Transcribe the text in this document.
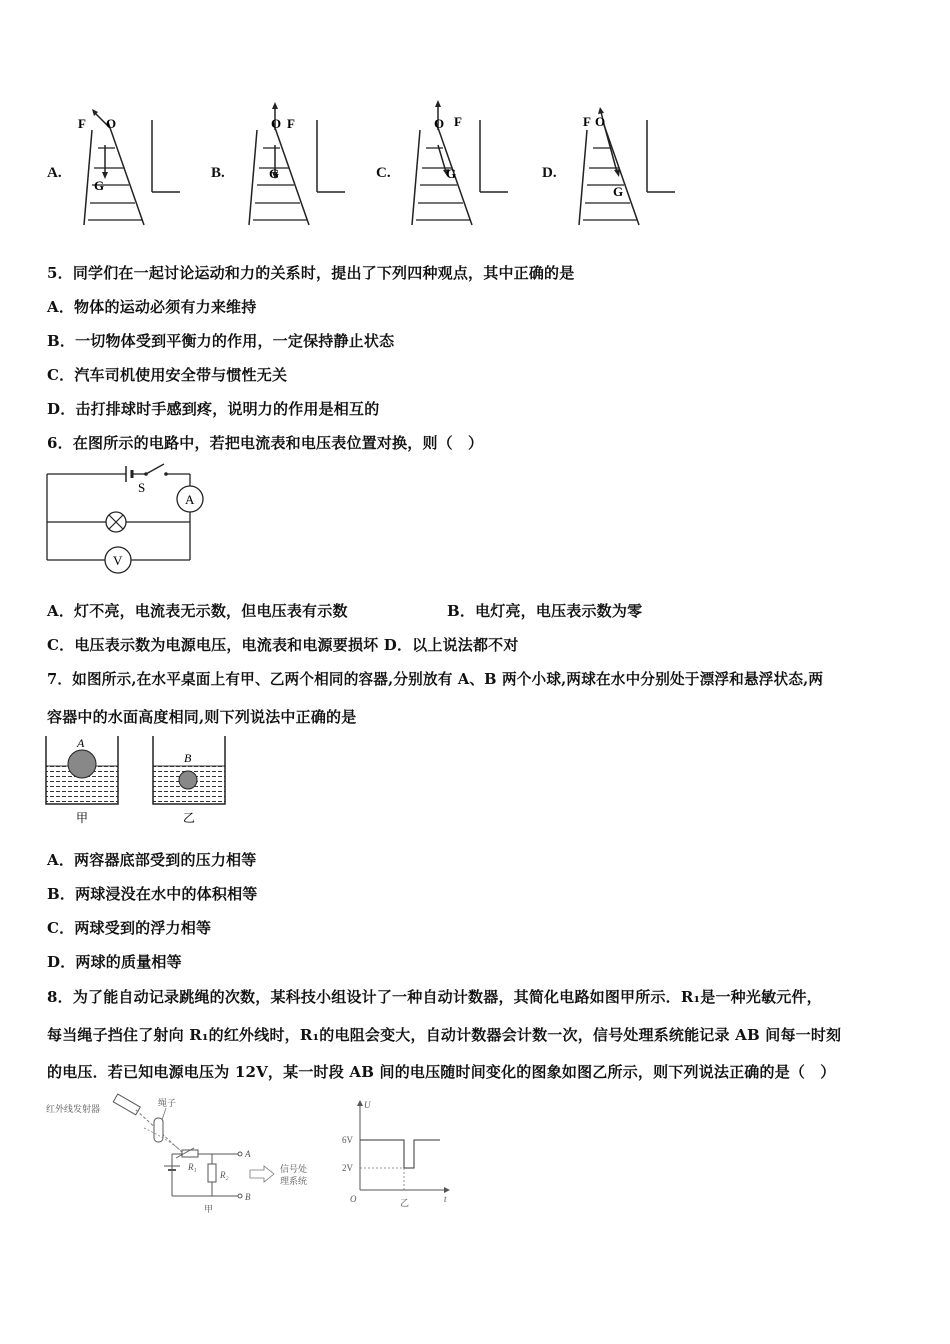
A.	B.	C.	D.
F O
G
F
O
G
F
O
G
F O
G
5．同学们在一起讨论运动和力的关系时，提出了下列四种观点，其中正确的是
A．物体的运动必须有力来维持
B．一切物体受到平衡力的作用，一定保持静止状态
C．汽车司机使用安全带与惯性无关
D．击打排球时手感到疼，说明力的作用是相互的
6．在图所示的电路中，若把电流表和电压表位置对换，则（　）
S
A
V
A．灯不亮，电流表无示数，但电压表有示数	B．电灯亮，电压表示数为零
C．电压表示数为电源电压，电流表和电源要损坏 D．以上说法都不对
7．如图所示,在水平桌面上有甲、乙两个相同的容器,分别放有 A、B 两个小球,两球在水中分别处于漂浮和悬浮状态,两
容器中的水面高度相同,则下列说法中正确的是
A
甲
B
乙
A．两容器底部受到的压力相等
B．两球浸没在水中的体积相等
C．两球受到的浮力相等
D．两球的质量相等
8．为了能自动记录跳绳的次数，某科技小组设计了一种自动计数器，其简化电路如图甲所示．R₁是一种光敏元件，
每当绳子挡住了射向 R₁的红外线时，R₁的电阻会变大，自动计数器会计数一次，信号处理系统能记录 AB 间每一时刻
的电压．若已知电源电压为 12V，某一时段 AB 间的电压随时间变化的图象如图乙所示，则下列说法正确的是（　）
红外线发射器
绳子
R₁
R₂
A
B
信号处
理系统
甲
U
t
O
6V
2V
乙
